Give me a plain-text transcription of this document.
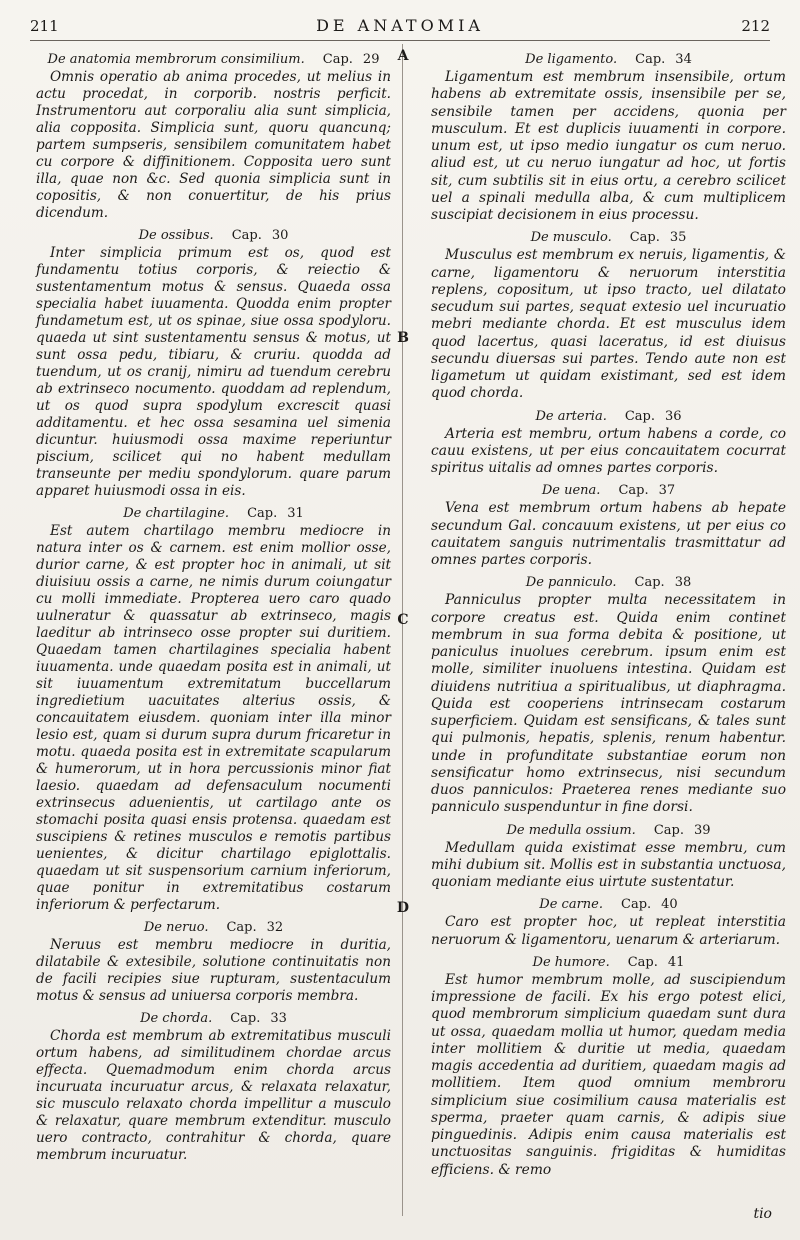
211	DE ANATOMIA	212
A
B
C
D
De anatomia membrorum consimilium. Cap. 29

Omnis operatio ab anima procedes, ut melius in actu procedat, in corporib. nostris perficit. Instrumentoru aut corporaliu alia sunt simplicia, alia copposita. Simplicia sunt, quoru quancunq; partem sumpseris, sensibilem comunitatem habet cu corpore & diffinitionem. Copposita uero sunt illa, quae non &c. Sed quonia simplicia sunt in copositis, & non conuertitur, de his prius dicendum.

De ossibus. Cap. 30

Inter simplicia primum est os, quod est fundamentu totius corporis, & reiectio & sustentamentum motus & sensus. Quaeda ossa specialia habet iuuamenta. Quodda enim propter fundametum est, ut os spinae, siue ossa spodyloru. quaeda ut sint sustentamentu sensus & motus, ut sunt ossa pedu, tibiaru, & cruriu. quodda ad tuendum, ut os cranij, nimiru ad tuendum cerebru ab extrinseco nocumento. quoddam ad replendum, ut os quod supra spodylum excrescit quasi additamentu. et hec ossa sesamina uel simenia dicuntur. huiusmodi ossa maxime reperiuntur piscium, scilicet qui no habent medullam transeunte per mediu spondylorum. quare parum apparet huiusmodi ossa in eis.

De chartilagine. Cap. 31

Est autem chartilago membru mediocre in natura inter os & carnem. est enim mollior osse, durior carne, & est propter hoc in animali, ut sit diuisiuu ossis a carne, ne nimis durum coiungatur cu molli immediate. Propterea uero caro quado uulneratur & quassatur ab extrinseco, magis laeditur ab intrinseco osse propter sui duritiem. Quaedam tamen chartilagines specialia habent iuuamenta. unde quaedam posita est in animali, ut sit iuuamentum extremitatum buccellarum ingredietium uacuitates alterius ossis, & concauitatem eiusdem. quoniam inter illa minor lesio est, quam si durum supra durum fricaretur in motu. quaeda posita est in extremitate scapularum & humerorum, ut in hora percussionis minor fiat laesio. quaedam ad defensaculum nocumenti extrinsecus aduenientis, ut cartilago ante os stomachi posita quasi ensis protensa. quaedam est suscipiens & retines musculos e remotis partibus uenientes, & dicitur chartilago epiglottalis. quaedam ut sit suspensorium carnium inferiorum, quae ponitur in extremitatibus costarum inferiorum & perfectarum.

De neruo. Cap. 32

Neruus est membru mediocre in duritia, dilatabile & extesibile, solutione continuitatis non de facili recipies siue rupturam, sustentaculum motus & sensus ad uniuersa corporis membra.

De chorda. Cap. 33

Chorda est membrum ab extremitatibus musculi ortum habens, ad similitudinem chordae arcus effecta. Quemadmodum enim chorda arcus incuruata incuruatur arcus, & relaxata relaxatur, sic musculo relaxato chorda impellitur a musculo & relaxatur, quare membrum extenditur. musculo uero contracto, contrahitur & chorda, quare membrum incuruatur.

De ligamento. Cap. 34

Ligamentum est membrum insensibile, ortum habens ab extremitate ossis, insensibile per se, sensibile tamen per accidens, quonia per musculum. Et est duplicis iuuamenti in corpore. unum est, ut ipso medio iungatur os cum neruo. aliud est, ut cu neruo iungatur ad hoc, ut fortis sit, cum subtilis sit in eius ortu, a cerebro scilicet uel a spinali medulla alba, & cum multiplicem suscipiat decisionem in eius processu.

De musculo. Cap. 35

Musculus est membrum ex neruis, ligamentis, & carne, ligamentoru & neruorum interstitia replens, copositum, ut ipso tracto, uel dilatato secudum sui partes, sequat extesio uel incuruatio mebri mediante chorda. Et est musculus idem quod lacertus, quasi laceratus, id est diuisus secundu diuersas sui partes. Tendo aute non est ligametum ut quidam existimant, sed est idem quod chorda.

De arteria. Cap. 36

Arteria est membru, ortum habens a corde, co cauu existens, ut per eius concauitatem cocurrat spiritus uitalis ad omnes partes corporis.

De uena. Cap. 37

Vena est membrum ortum habens ab hepate secundum Gal. concauum existens, ut per eius co cauitatem sanguis nutrimentalis trasmittatur ad omnes partes corporis.

De panniculo. Cap. 38

Panniculus propter multa necessitatem in corpore creatus est. Quida enim continet membrum in sua forma debita & positione, ut paniculus inuolues cerebrum. ipsum enim est molle, similiter inuoluens intestina. Quidam est diuidens nutritiua a spiritualibus, ut diaphragma. Quida est cooperiens intrinsecam costarum superficiem. Quidam est sensificans, & tales sunt qui pulmonis, hepatis, splenis, renum habentur. unde in profunditate substantiae eorum non sensificatur homo extrinsecus, nisi secundum duos panniculos: Praeterea renes mediante suo panniculo suspenduntur in fine dorsi.

De medulla ossium. Cap. 39

Medullam quida existimat esse membru, cum mihi dubium sit. Mollis est in substantia unctuosa, quoniam mediante eius uirtute sustentatur.

De carne. Cap. 40

Caro est propter hoc, ut repleat interstitia neruorum & ligamentoru, uenarum & arteriarum.

De humore. Cap. 41

Est humor membrum molle, ad suscipiendum impressione de facili. Ex his ergo potest elici, quod membrorum simplicium quaedam sunt dura ut ossa, quaedam mollia ut humor, quedam media inter mollitiem & duritie ut media, quaedam magis accedentia ad duritiem, quaedam magis ad mollitiem. Item quod omnium membroru simplicium siue cosimilium causa materialis est sperma, praeter quam carnis, & adipis siue pinguedinis. Adipis enim causa materialis est unctuositas sanguinis. frigiditas & humiditas efficiens. & remo

tio
